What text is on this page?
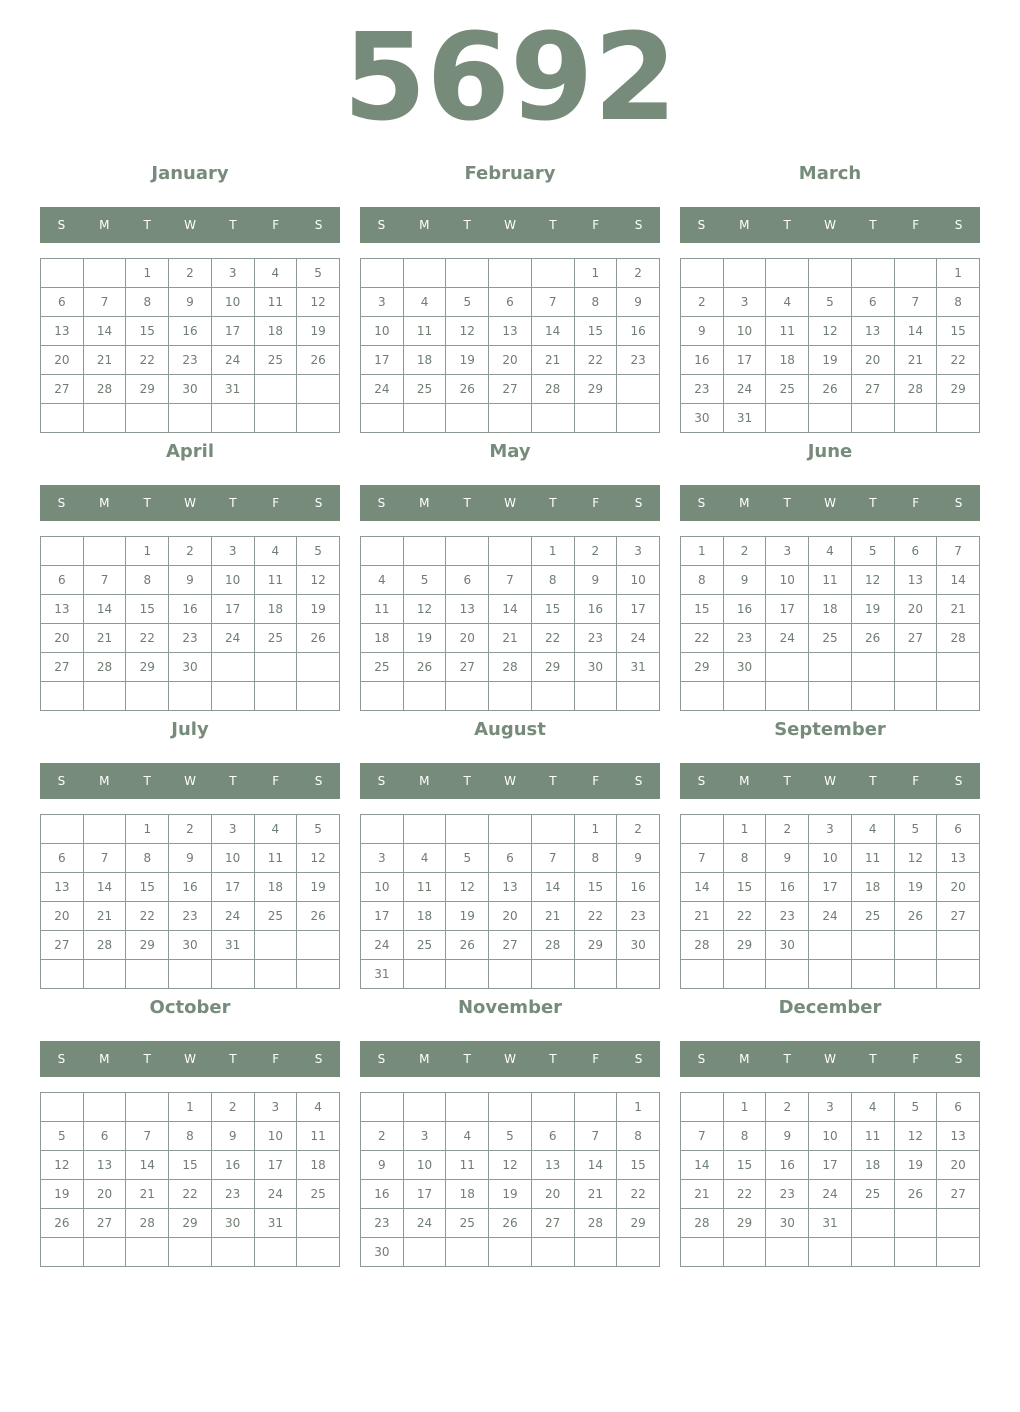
5692
January
S	M	T	W	T	F	S
		1	2	3	4	5
6	7	8	9	10	11	12
13	14	15	16	17	18	19
20	21	22	23	24	25	26
27	28	29	30	31		

February
S	M	T	W	T	F	S
					1	2
3	4	5	6	7	8	9
10	11	12	13	14	15	16
17	18	19	20	21	22	23
24	25	26	27	28	29	

March
S	M	T	W	T	F	S
						1
2	3	4	5	6	7	8
9	10	11	12	13	14	15
16	17	18	19	20	21	22
23	24	25	26	27	28	29
30	31					
April
S	M	T	W	T	F	S
		1	2	3	4	5
6	7	8	9	10	11	12
13	14	15	16	17	18	19
20	21	22	23	24	25	26
27	28	29	30			

May
S	M	T	W	T	F	S
				1	2	3
4	5	6	7	8	9	10
11	12	13	14	15	16	17
18	19	20	21	22	23	24
25	26	27	28	29	30	31

June
S	M	T	W	T	F	S
1	2	3	4	5	6	7
8	9	10	11	12	13	14
15	16	17	18	19	20	21
22	23	24	25	26	27	28
29	30					

July
S	M	T	W	T	F	S
		1	2	3	4	5
6	7	8	9	10	11	12
13	14	15	16	17	18	19
20	21	22	23	24	25	26
27	28	29	30	31		

August
S	M	T	W	T	F	S
					1	2
3	4	5	6	7	8	9
10	11	12	13	14	15	16
17	18	19	20	21	22	23
24	25	26	27	28	29	30
31						
September
S	M	T	W	T	F	S
	1	2	3	4	5	6
7	8	9	10	11	12	13
14	15	16	17	18	19	20
21	22	23	24	25	26	27
28	29	30				

October
S	M	T	W	T	F	S
			1	2	3	4
5	6	7	8	9	10	11
12	13	14	15	16	17	18
19	20	21	22	23	24	25
26	27	28	29	30	31	

November
S	M	T	W	T	F	S
						1
2	3	4	5	6	7	8
9	10	11	12	13	14	15
16	17	18	19	20	21	22
23	24	25	26	27	28	29
30						
December
S	M	T	W	T	F	S
	1	2	3	4	5	6
7	8	9	10	11	12	13
14	15	16	17	18	19	20
21	22	23	24	25	26	27
28	29	30	31			
